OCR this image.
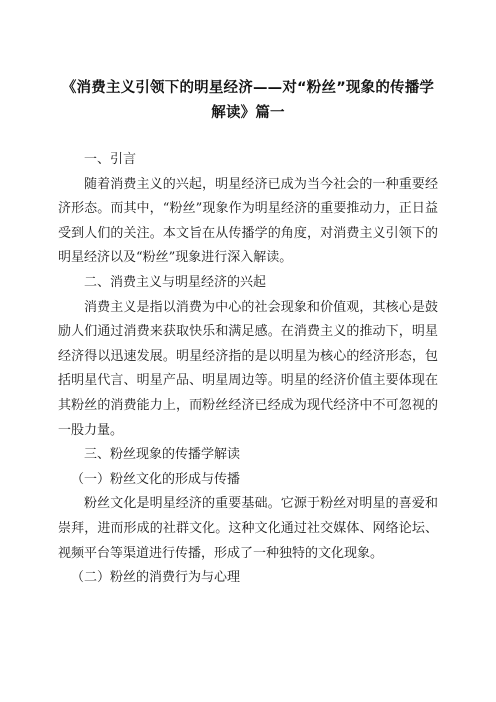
《消费主义引领下的明星经济——对“粉丝”现象的传播学
解读》篇一

一、引言

随着消费主义的兴起，明星经济已成为当今社会的一种重要经济形态。而其中，“粉丝”现象作为明星经济的重要推动力，正日益受到人们的关注。本文旨在从传播学的角度，对消费主义引领下的明星经济以及“粉丝”现象进行深入解读。

二、消费主义与明星经济的兴起

消费主义是指以消费为中心的社会现象和价值观，其核心是鼓励人们通过消费来获取快乐和满足感。在消费主义的推动下，明星经济得以迅速发展。明星经济指的是以明星为核心的经济形态，包括明星代言、明星产品、明星周边等。明星的经济价值主要体现在其粉丝的消费能力上，而粉丝经济已经成为现代经济中不可忽视的一股力量。

三、粉丝现象的传播学解读

（一）粉丝文化的形成与传播

粉丝文化是明星经济的重要基础。它源于粉丝对明星的喜爱和崇拜，进而形成的社群文化。这种文化通过社交媒体、网络论坛、视频平台等渠道进行传播，形成了一种独特的文化现象。

（二）粉丝的消费行为与心理
